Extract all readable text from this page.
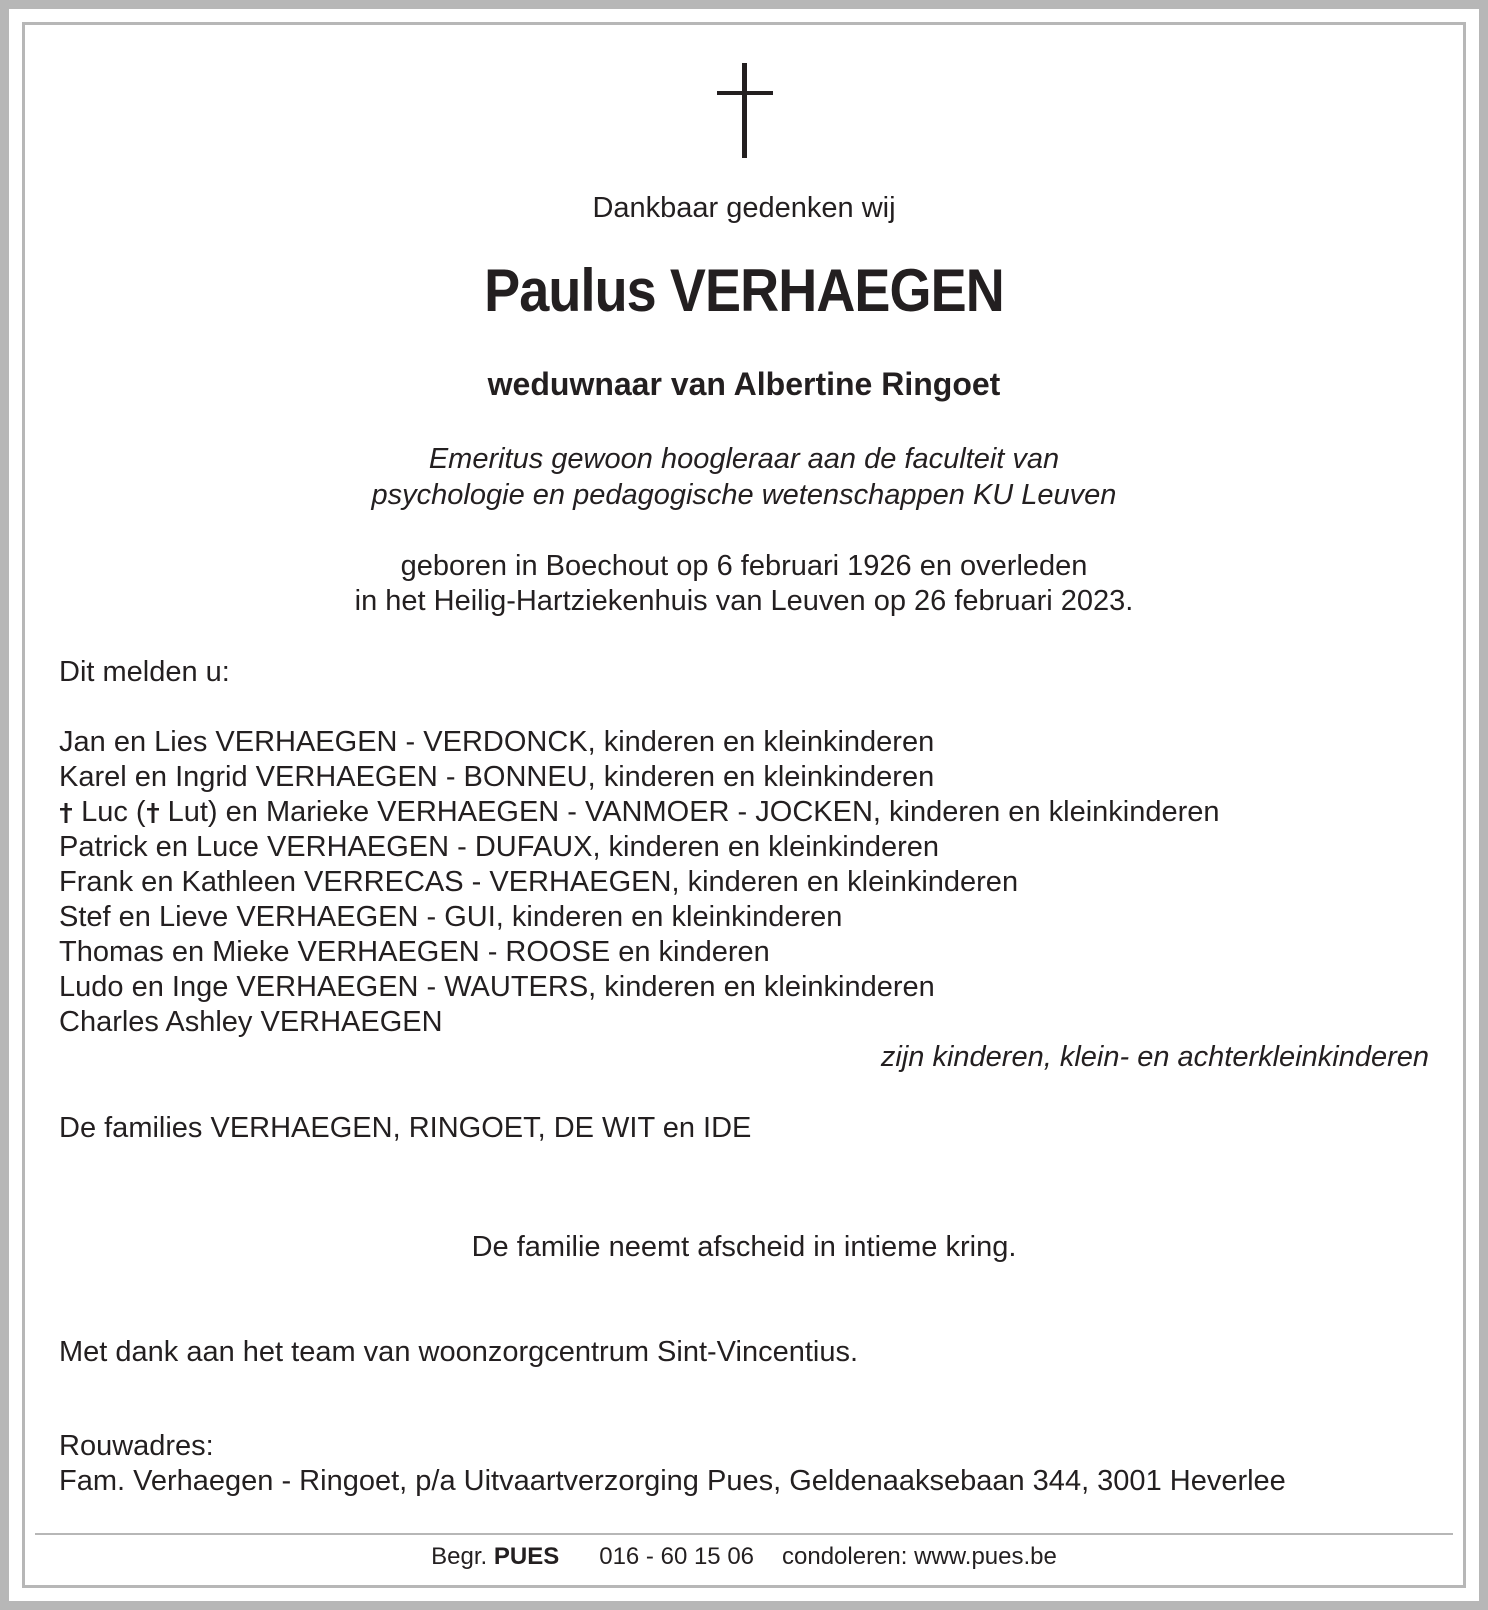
Dankbaar gedenken wij
Paulus VERHAEGEN
weduwnaar van Albertine Ringoet
Emeritus gewoon hoogleraar aan de faculteit van
psychologie en pedagogische wetenschappen KU Leuven
geboren in Boechout op 6 februari 1926 en overleden
in het Heilig-Hartziekenhuis van Leuven op 26 februari 2023.
Dit melden u:
Jan en Lies VERHAEGEN - VERDONCK, kinderen en kleinkinderen
Karel en Ingrid VERHAEGEN - BONNEU, kinderen en kleinkinderen
Luc ( Lut) en Marieke VERHAEGEN - VANMOER - JOCKEN, kinderen en kleinkinderen
Patrick en Luce VERHAEGEN - DUFAUX, kinderen en kleinkinderen
Frank en Kathleen VERRECAS - VERHAEGEN, kinderen en kleinkinderen
Stef en Lieve VERHAEGEN - GUI, kinderen en kleinkinderen
Thomas en Mieke VERHAEGEN - ROOSE en kinderen
Ludo en Inge VERHAEGEN - WAUTERS, kinderen en kleinkinderen
Charles Ashley VERHAEGEN
zijn kinderen, klein- en achterkleinkinderen
De families VERHAEGEN, RINGOET, DE WIT en IDE
De familie neemt afscheid in intieme kring.
Met dank aan het team van woonzorgcentrum Sint-Vincentius.
Rouwadres:
Fam. Verhaegen - Ringoet, p/a Uitvaartverzorging Pues, Geldenaaksebaan 344, 3001 Heverlee
Begr. PUES 016 - 60 15 06 condoleren: www.pues.be
